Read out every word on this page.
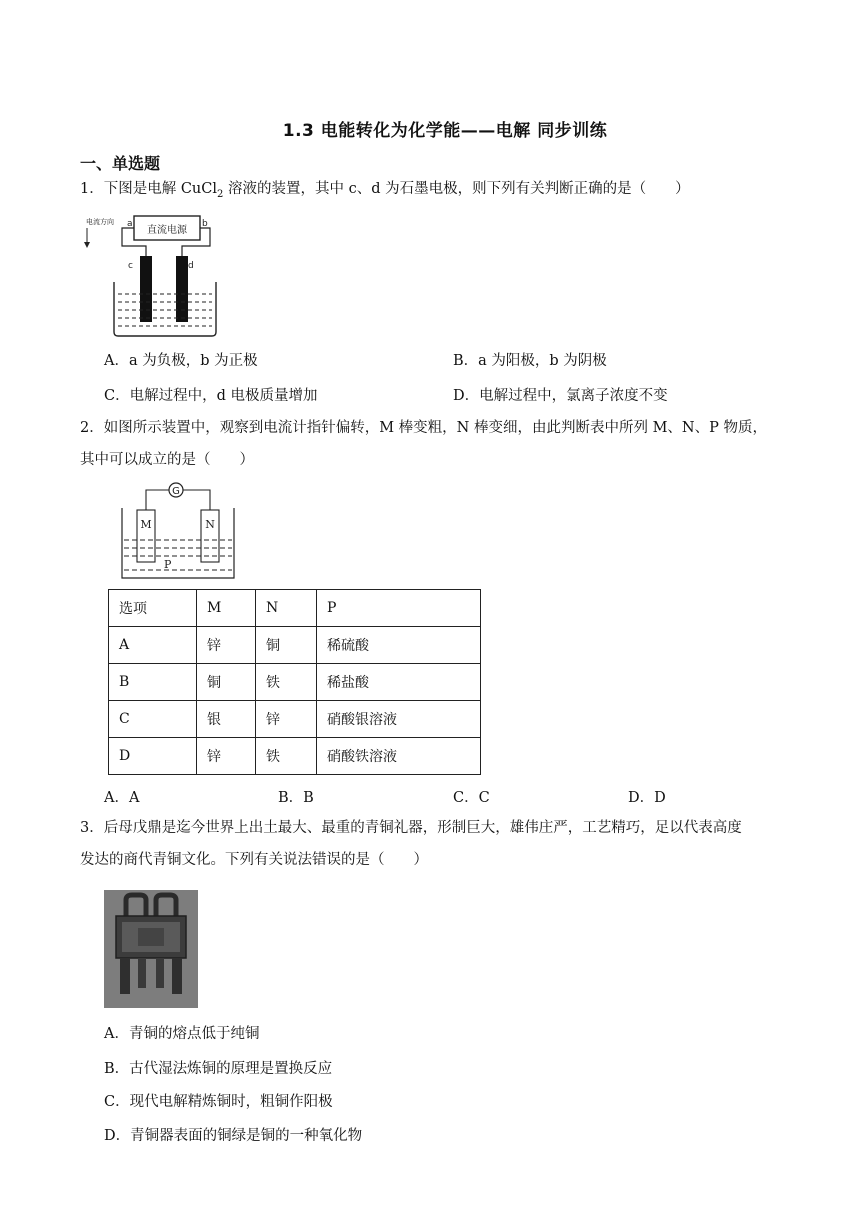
1.3 电能转化为化学能——电解 同步训练
一、单选题
1．下图是电解 CuCl$_2$ 溶液的装置，其中 c、d 为石墨电极，则下列有关判断正确的是（　　）
直流电源
a	b
电流方向
c	d
A．a 为负极，b 为正极	B．a 为阳极，b 为阴极
C．电解过程中，d 电极质量增加	D．电解过程中，氯离子浓度不变
2．如图所示装置中，观察到电流计指针偏转，M 棒变粗，N 棒变细，由此判断表中所列 M、N、P 物质，
其中可以成立的是（　　）
G
M	N
P
选项	M	N	P
A	锌	铜	稀硫酸
B	铜	铁	稀盐酸
C	银	锌	硝酸银溶液
D	锌	铁	硝酸铁溶液
A．A	B．B	C．C	D．D
3．后母戊鼎是迄今世界上出土最大、最重的青铜礼器，形制巨大，雄伟庄严，工艺精巧，足以代表高度
发达的商代青铜文化。下列有关说法错误的是（　　）
A．青铜的熔点低于纯铜
B．古代湿法炼铜的原理是置换反应
C．现代电解精炼铜时，粗铜作阳极
D．青铜器表面的铜绿是铜的一种氧化物
